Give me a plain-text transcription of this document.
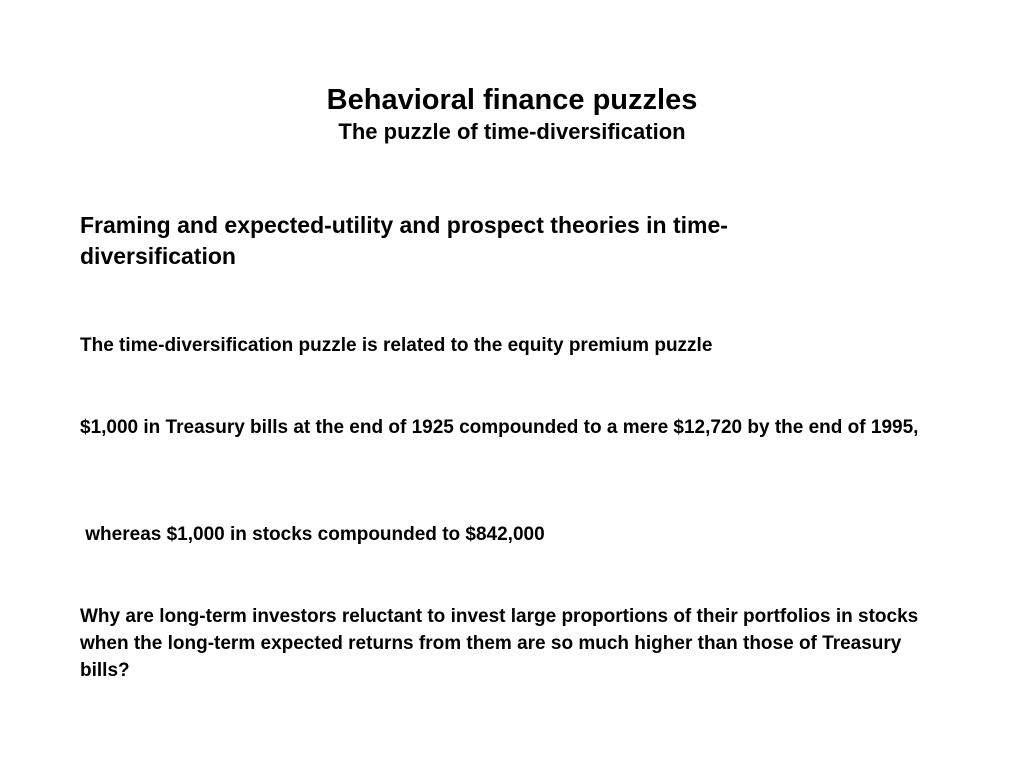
Behavioral finance puzzles
The puzzle of time-diversification
Framing and expected-utility and prospect theories in time-diversification

The time-diversification puzzle is related to the equity premium puzzle

$1,000 in Treasury bills at the end of 1925 compounded to a mere $12,720 by the end of 1995,

whereas $1,000 in stocks compounded to $842,000

Why are long-term investors reluctant to invest large proportions of their portfolios in stocks when the long-term expected returns from them are so much higher than those of Treasury bills?
